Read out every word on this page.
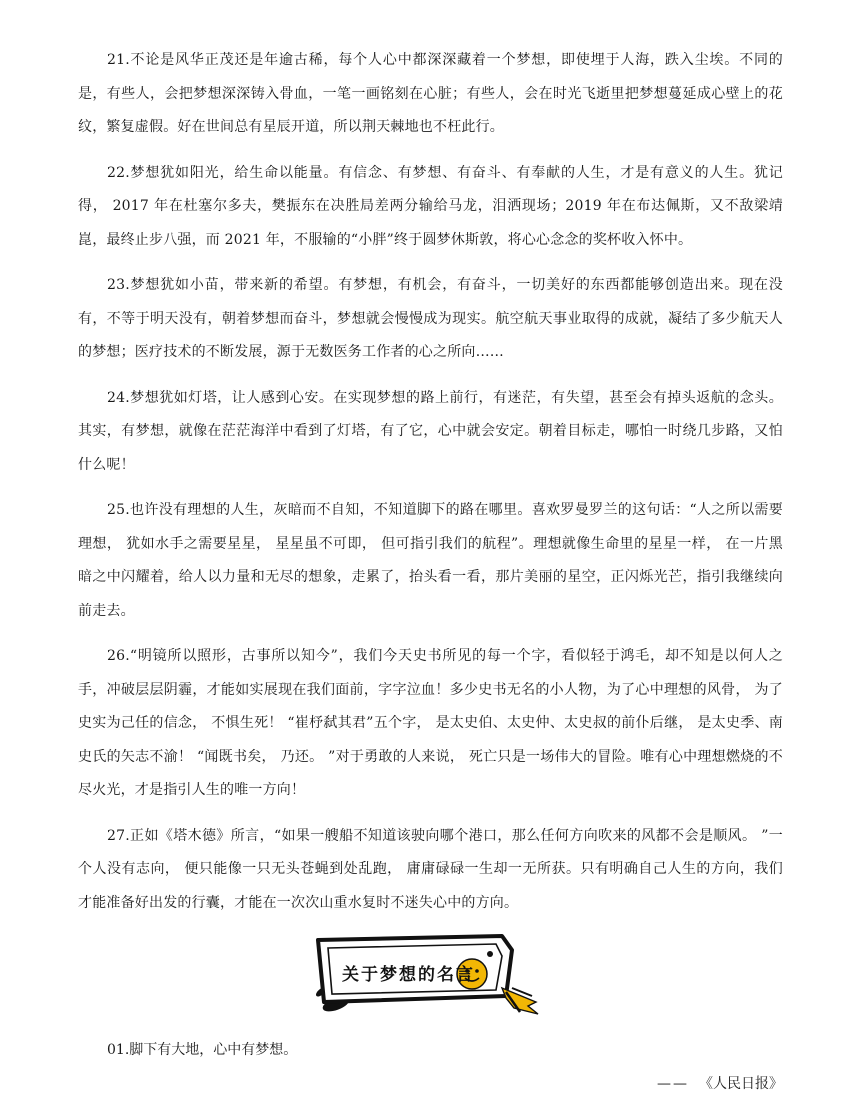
21.不论是风华正茂还是年逾古稀，每个人心中都深深藏着一个梦想，即使埋于人海，跌入尘埃。不同的是，有些人，会把梦想深深铸入骨血，一笔一画铭刻在心脏；有些人，会在时光飞逝里把梦想蔓延成心壁上的花纹，繁复虚假。好在世间总有星辰开道，所以荆天棘地也不枉此行。

22.梦想犹如阳光，给生命以能量。有信念、有梦想、有奋斗、有奉献的人生，才是有意义的人生。犹记得， 2017 年在杜塞尔多夫，樊振东在决胜局差两分输给马龙，泪洒现场；2019 年在布达佩斯，又不敌梁靖崑，最终止步八强，而 2021 年，不服输的“小胖”终于圆梦休斯敦，将心心念念的奖杯收入怀中。

23.梦想犹如小苗，带来新的希望。有梦想，有机会，有奋斗，一切美好的东西都能够创造出来。现在没有，不等于明天没有，朝着梦想而奋斗，梦想就会慢慢成为现实。航空航天事业取得的成就，凝结了多少航天人的梦想；医疗技术的不断发展，源于无数医务工作者的心之所向……

24.梦想犹如灯塔，让人感到心安。在实现梦想的路上前行，有迷茫，有失望，甚至会有掉头返航的念头。其实，有梦想，就像在茫茫海洋中看到了灯塔，有了它，心中就会安定。朝着目标走，哪怕一时绕几步路，又怕什么呢！

25.也许没有理想的人生，灰暗而不自知，不知道脚下的路在哪里。喜欢罗曼罗兰的这句话：“人之所以需要理想， 犹如水手之需要星星， 星星虽不可即， 但可指引我们的航程”。理想就像生命里的星星一样， 在一片黑暗之中闪耀着，给人以力量和无尽的想象，走累了，抬头看一看，那片美丽的星空，正闪烁光芒，指引我继续向前走去。

26.“明镜所以照形，古事所以知今”，我们今天史书所见的每一个字，看似轻于鸿毛，却不知是以何人之手，冲破层层阴霾，才能如实展现在我们面前，字字泣血！多少史书无名的小人物，为了心中理想的风骨， 为了史实为己任的信念， 不惧生死！ “崔杼弑其君”五个字， 是太史伯、太史仲、太史叔的前仆后继， 是太史季、南史氏的矢志不渝！ “闻既书矣， 乃还。 ”对于勇敢的人来说， 死亡只是一场伟大的冒险。唯有心中理想燃烧的不尽火光，才是指引人生的唯一方向！

27.正如《塔木德》所言，“如果一艘船不知道该驶向哪个港口，那么任何方向吹来的风都不会是顺风。 ”一个人没有志向， 便只能像一只无头苍蝇到处乱跑， 庸庸碌碌一生却一无所获。只有明确自己人生的方向，我们才能准备好出发的行囊，才能在一次次山重水复时不迷失心中的方向。

关于梦想的名言

01.脚下有大地，心中有梦想。

—— 《人民日报》
